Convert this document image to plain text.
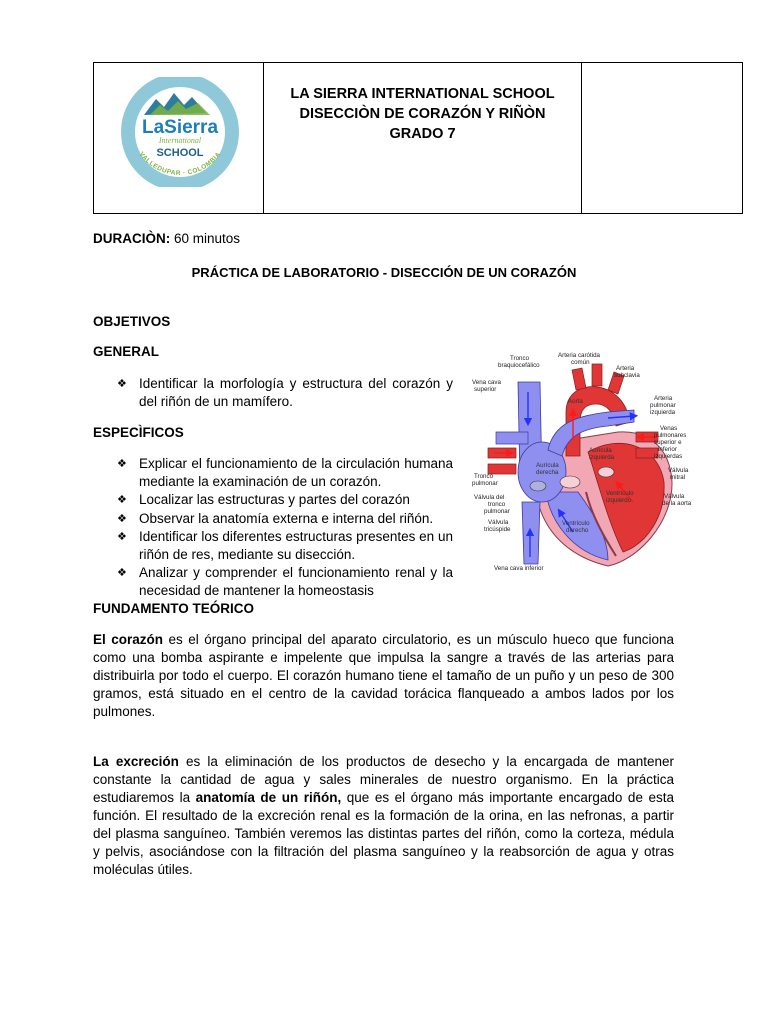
LaSierra
International
SCHOOL
VALLEDUPAR · COLOMBIA
LA SIERRA INTERNATIONAL SCHOOL
DISECCIÒN DE CORAZÓN Y RIÑÒN
GRADO 7
DURACIÒN: 60 minutos
PRÁCTICA DE LABORATORIO - DISECCIÓN DE UN CORAZÓN
OBJETIVOS
GENERAL
❖ Identificar la morfología y estructura del corazón y del riñón de un mamífero.
ESPECÌFICOS
❖ Explicar el funcionamiento de la circulación humana mediante la examinación de un corazón.
❖ Localizar las estructuras y partes del corazón
❖ Observar la anatomía externa e interna del riñón.
❖ Identificar los diferentes estructuras presentes en un riñón de res, mediante su disección.
❖ Analizar y comprender el funcionamiento renal y la necesidad de mantener la homeostasis
FUNDAMENTO TEÓRICO
El corazón es el órgano principal del aparato circulatorio, es un músculo hueco que funciona como una bomba aspirante e impelente que impulsa la sangre a través de las arterias para distribuirla por todo el cuerpo. El corazón humano tiene el tamaño de un puño y un peso de 300 gramos, está situado en el centro de la cavidad torácica flanqueado a ambos lados por los pulmones.
La excreción es la eliminación de los productos de desecho y la encargada de mantener constante la cantidad de agua y sales minerales de nuestro organismo. En la práctica estudiaremos la anatomía de un riñón, que es el órgano más importante encargado de esta función. El resultado de la excreción renal es la formación de la orina, en las nefronas, a partir del plasma sanguíneo. También veremos las distintas partes del riñón, como la corteza, médula y pelvis, asociándose con la filtración del plasma sanguíneo y la reabsorción de agua y otras moléculas útiles.
Tronco
braquiocefálico
Arteria carótida
común
Arteria
subclavia
Vena cava
superior
Aorta	Arteria
pulmonar
izquierda
Venas
pulmonares
superior e
inferior
izquierdas
Aurícula
izquierda
Aurícula
derecha
Tronco
pulmonar
Válvula
mitral
Válvula del
tronco
pulmonar
Ventrículo
izquierdo
Válvula
de la aorta
Válvula
tricúspide
Ventrículo
derecho
Vena cava inferior
